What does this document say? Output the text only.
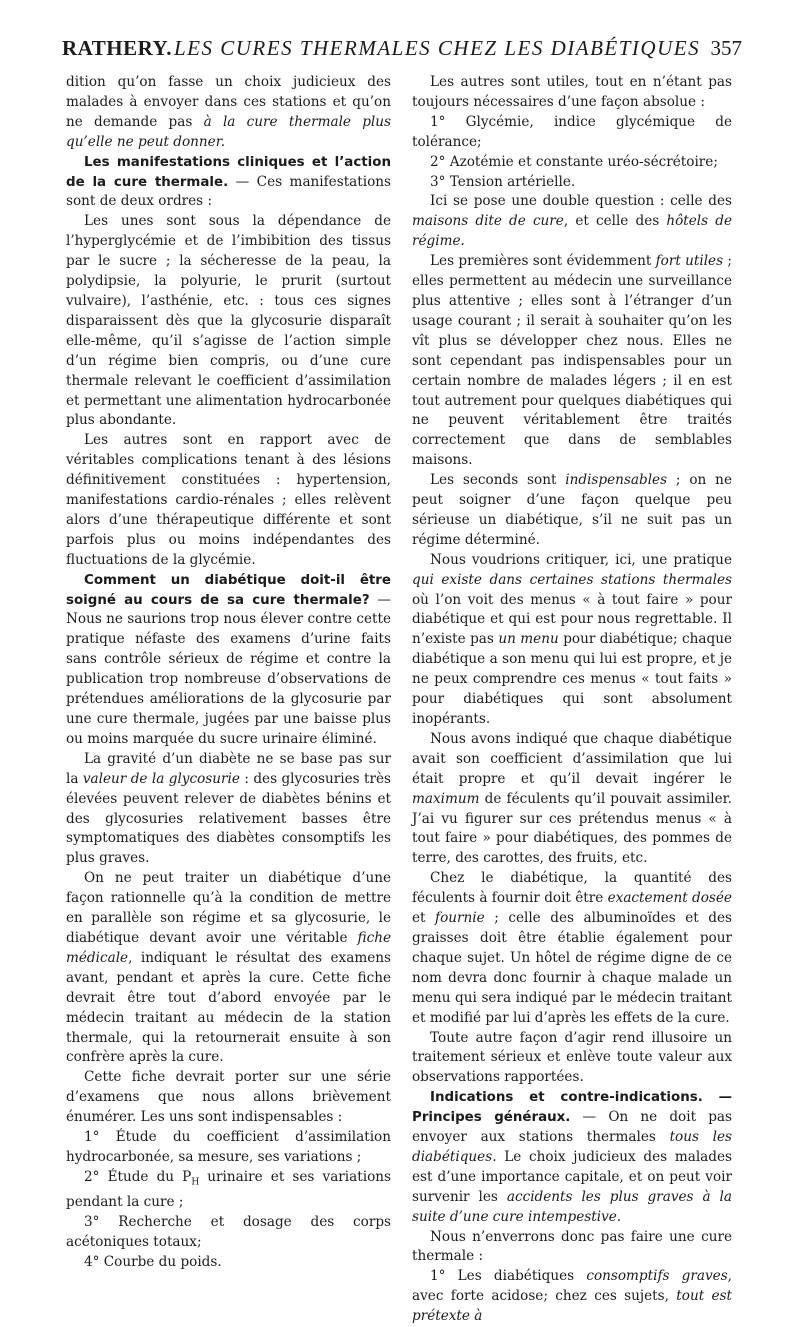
RATHERY. LES CURES THERMALES CHEZ LES DIABÉTIQUES 357

dition qu’on fasse un choix judicieux des malades à envoyer dans ces stations et qu’on ne demande pas à la cure thermale plus qu’elle ne peut donner.

Les manifestations cliniques et l’action de la cure thermale. — Ces manifestations sont de deux ordres :

Les unes sont sous la dépendance de l’hyperglycémie et de l’imbibition des tissus par le sucre ; la sécheresse de la peau, la polydipsie, la polyurie, le prurit (surtout vulvaire), l’asthénie, etc. : tous ces signes disparaissent dès que la glycosurie disparaît elle-même, qu’il s’agisse de l’action simple d’un régime bien compris, ou d’une cure thermale relevant le coefficient d’assimilation et permettant une alimentation hydrocarbonée plus abondante.

Les autres sont en rapport avec de véritables complications tenant à des lésions définitivement constituées : hypertension, manifestations cardio-rénales ; elles relèvent alors d’une thérapeutique différente et sont parfois plus ou moins indépendantes des fluctuations de la glycémie.

Comment un diabétique doit-il être soigné au cours de sa cure thermale? — Nous ne saurions trop nous élever contre cette pratique néfaste des examens d’urine faits sans contrôle sérieux de régime et contre la publication trop nombreuse d’observations de prétendues améliorations de la glycosurie par une cure thermale, jugées par une baisse plus ou moins marquée du sucre urinaire éliminé.

La gravité d’un diabète ne se base pas sur la valeur de la glycosurie : des glycosuries très élevées peuvent relever de diabètes bénins et des glycosuries relativement basses être symptomatiques des diabètes consomptifs les plus graves.

On ne peut traiter un diabétique d’une façon rationnelle qu’à la condition de mettre en parallèle son régime et sa glycosurie, le diabétique devant avoir une véritable fiche médicale, indiquant le résultat des examens avant, pendant et après la cure. Cette fiche devrait être tout d’abord envoyée par le médecin traitant au médecin de la station thermale, qui la retournerait ensuite à son confrère après la cure.

Cette fiche devrait porter sur une série d’examens que nous allons brièvement énumérer. Les uns sont indispensables :

1° Étude du coefficient d’assimilation hydrocarbonée, sa mesure, ses variations ;

2° Étude du $P_H$ urinaire et ses variations pendant la cure ;

3° Recherche et dosage des corps acétoniques totaux;

4° Courbe du poids.

Les autres sont utiles, tout en n’étant pas toujours nécessaires d’une façon absolue :

1° Glycémie, indice glycémique de tolérance;

2° Azotémie et constante uréo-sécrétoire;

3° Tension artérielle.

Ici se pose une double question : celle des maisons dite de cure, et celle des hôtels de régime.

Les premières sont évidemment fort utiles ; elles permettent au médecin une surveillance plus attentive ; elles sont à l’étranger d’un usage courant ; il serait à souhaiter qu’on les vît plus se développer chez nous. Elles ne sont cependant pas indispensables pour un certain nombre de malades légers ; il en est tout autrement pour quelques diabétiques qui ne peuvent véritablement être traités correctement que dans de semblables maisons.

Les seconds sont indispensables ; on ne peut soigner d’une façon quelque peu sérieuse un diabétique, s’il ne suit pas un régime déterminé.

Nous voudrions critiquer, ici, une pratique qui existe dans certaines stations thermales où l’on voit des menus « à tout faire » pour diabétique et qui est pour nous regrettable. Il n’existe pas un menu pour diabétique; chaque diabétique a son menu qui lui est propre, et je ne peux comprendre ces menus « tout faits » pour diabétiques qui sont absolument inopérants.

Nous avons indiqué que chaque diabétique avait son coefficient d’assimilation que lui était propre et qu’il devait ingérer le maximum de féculents qu’il pouvait assimiler. J’ai vu figurer sur ces prétendus menus « à tout faire » pour diabétiques, des pommes de terre, des carottes, des fruits, etc.

Chez le diabétique, la quantité des féculents à fournir doit être exactement dosée et fournie ; celle des albuminoïdes et des graisses doit être établie également pour chaque sujet. Un hôtel de régime digne de ce nom devra donc fournir à chaque malade un menu qui sera indiqué par le médecin traitant et modifié par lui d’après les effets de la cure.

Toute autre façon d’agir rend illusoire un traitement sérieux et enlève toute valeur aux observations rapportées.

Indications et contre-indications. — Principes généraux. — On ne doit pas envoyer aux stations thermales tous les diabétiques. Le choix judicieux des malades est d’une importance capitale, et on peut voir survenir les accidents les plus graves à la suite d’une cure intempestive.

Nous n’enverrons donc pas faire une cure thermale :

1° Les diabétiques consomptifs graves, avec forte acidose; chez ces sujets, tout est prétexte à
